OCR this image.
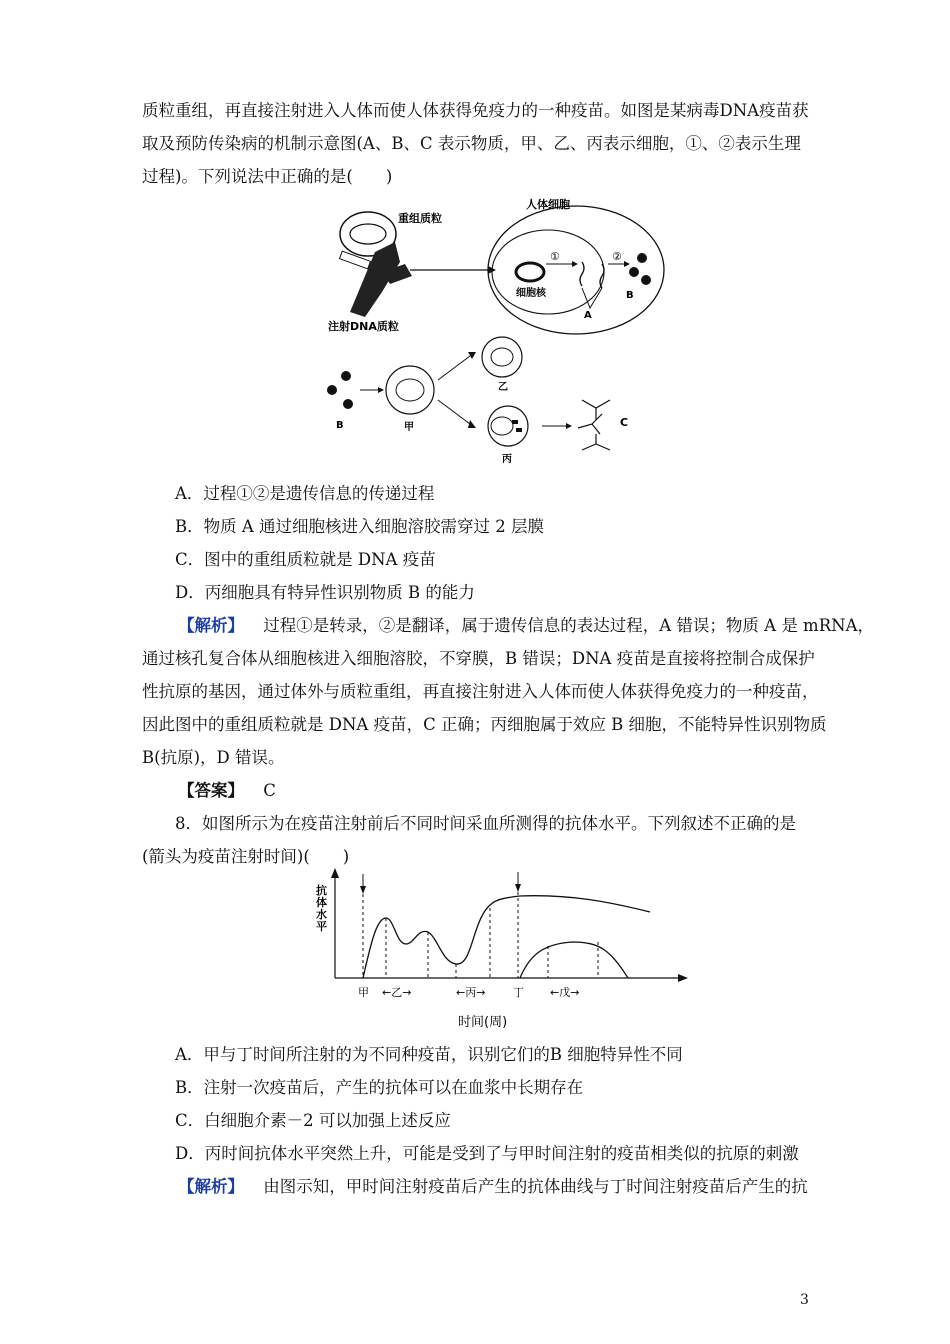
质粒重组，再直接注射进入人体而使人体获得免疫力的一种疫苗。如图是某病毒DNA疫苗获
取及预防传染病的机制示意图(A、B、C 表示物质，甲、乙、丙表示细胞，①、②表示生理
过程)。下列说法中正确的是(　　)
重组质粒
注射DNA质粒
人体细胞
细胞核
①	②
A
B
B	甲
乙
丙
C
A．过程①②是遗传信息的传递过程
B．物质 A 通过细胞核进入细胞溶胶需穿过 2 层膜
C．图中的重组质粒就是 DNA 疫苗
D．丙细胞具有特异性识别物质 B 的能力
【解析】 过程①是转录，②是翻译，属于遗传信息的表达过程，A 错误；物质 A 是 mRNA，
通过核孔复合体从细胞核进入细胞溶胶，不穿膜，B 错误；DNA 疫苗是直接将控制合成保护
性抗原的基因，通过体外与质粒重组，再直接注射进入人体而使人体获得免疫力的一种疫苗，
因此图中的重组质粒就是 DNA 疫苗，C 正确；丙细胞属于效应 B 细胞，不能特异性识别物质
B(抗原)，D 错误。
【答案】 C
8．如图所示为在疫苗注射前后不同时间采血所测得的抗体水平。下列叙述不正确的是
(箭头为疫苗注射时间)(　　)
抗
体
水
平
甲 ←乙→	←丙→	丁 ←戊→
时间(周)
A．甲与丁时间所注射的为不同种疫苗，识别它们的B 细胞特异性不同
B．注射一次疫苗后，产生的抗体可以在血浆中长期存在
C．白细胞介素－2 可以加强上述反应
D．丙时间抗体水平突然上升，可能是受到了与甲时间注射的疫苗相类似的抗原的刺激
【解析】 由图示知，甲时间注射疫苗后产生的抗体曲线与丁时间注射疫苗后产生的抗
3
